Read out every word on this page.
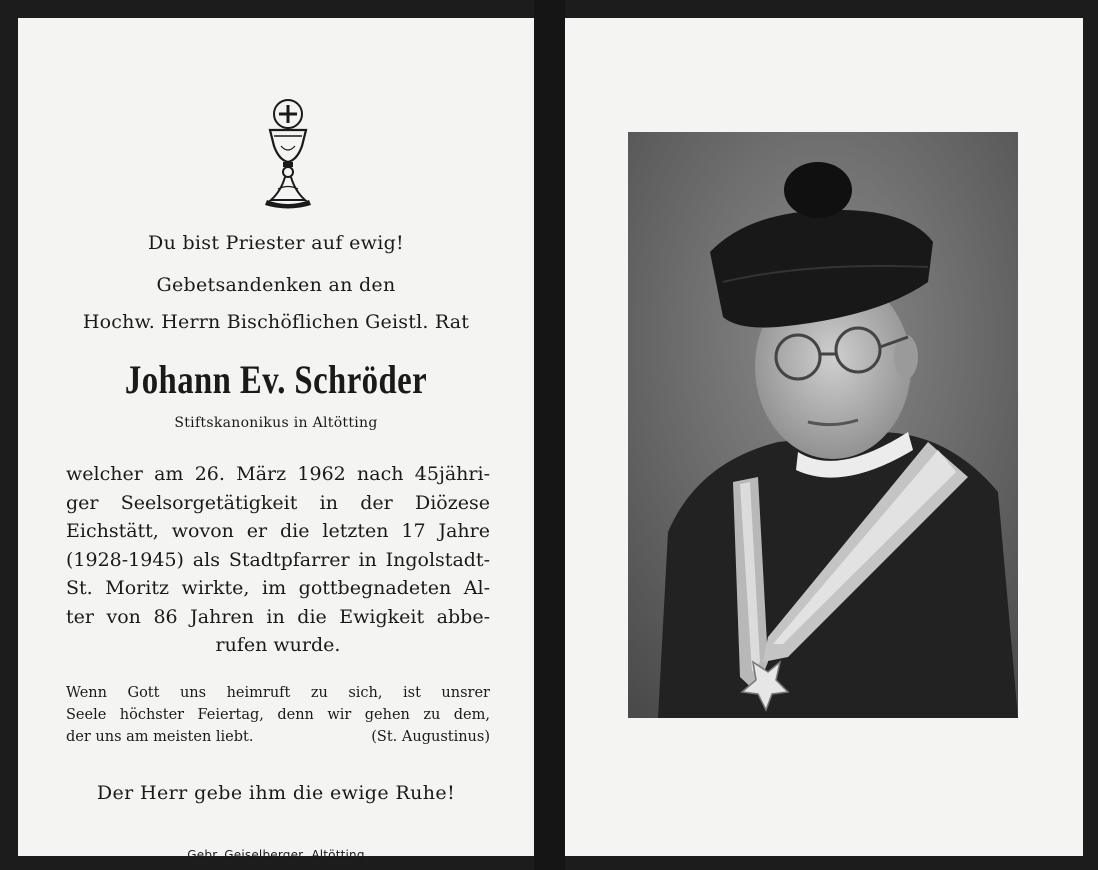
Du bist Priester auf ewig!
Gebetsandenken an den
Hochw. Herrn Bischöflichen Geistl. Rat
Johann Ev. Schröder
Stiftskanonikus in Altötting
welcher am 26. März 1962 nach 45jähri-
ger Seelsorgetätigkeit in der Diözese
Eichstätt, wovon er die letzten 17 Jahre
(1928-1945) als Stadtpfarrer in Ingolstadt-
St. Moritz wirkte, im gottbegnadeten Al-
ter von 86 Jahren in die Ewigkeit abbe-
rufen wurde.
Wenn Gott uns heimruft zu sich, ist unsrer
Seele höchster Feiertag, denn wir gehen zu dem,
der uns am meisten liebt.	(St. Augustinus)
Der Herr gebe ihm die ewige Ruhe!
Gebr. Geiselberger, Altötting
